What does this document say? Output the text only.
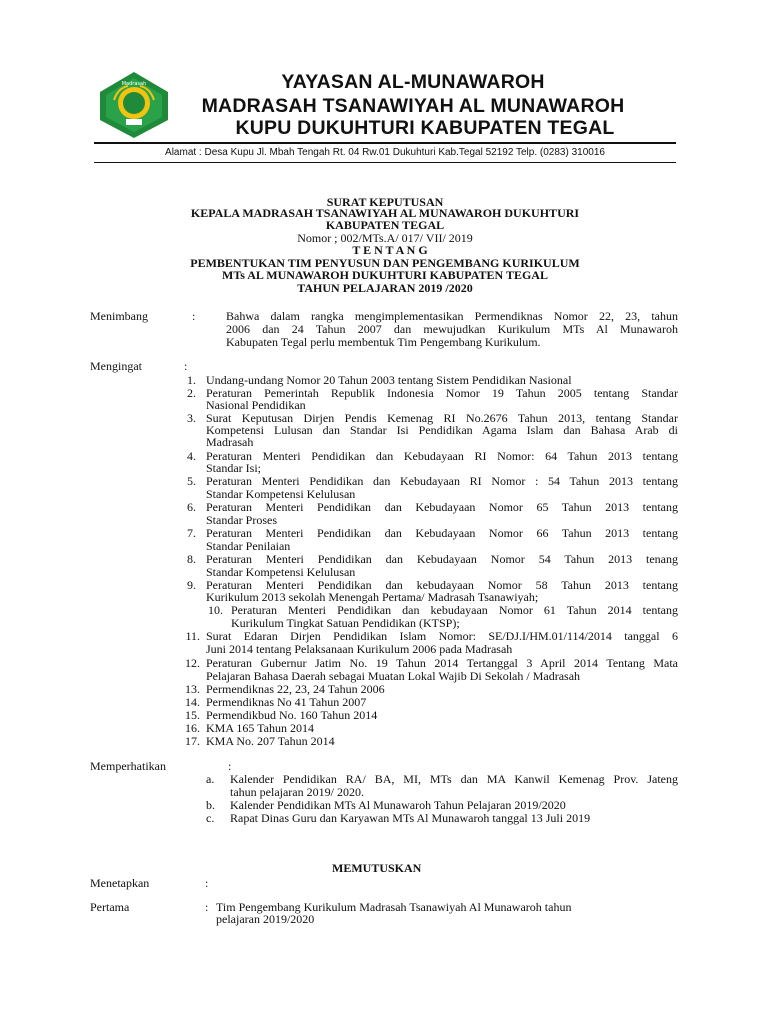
Madrasah	YAYASAN AL-MUNAWAROH
MADRASAH TSANAWIYAH AL MUNAWAROH
KUPU DUKUHTURI KABUPATEN TEGAL
Alamat : Desa Kupu Jl. Mbah Tengah Rt. 04 Rw.01 Dukuhturi Kab.Tegal 52192 Telp. (0283) 310016
SURAT KEPUTUSAN
KEPALA MADRASAH TSANAWIYAH AL MUNAWAROH DUKUHTURI
KABUPATEN TEGAL
Nomor ; 002/MTs.A/ 017/ VII/ 2019
T E N T A N G
PEMBENTUKAN TIM PENYUSUN DAN PENGEMBANG KURIKULUM
MTs AL MUNAWAROH DUKUHTURI KABUPATEN TEGAL
TAHUN PELAJARAN 2019 /2020
Menimbang	:	Bahwa dalam rangka mengimplementasikan Permendiknas Nomor 22, 23, tahun
2006 dan 24 Tahun 2007 dan mewujudkan Kurikulum MTs Al Munawaroh
Kabupaten Tegal perlu membentuk Tim Pengembang Kurikulum.
Mengingat	:
1. Undang-undang Nomor 20 Tahun 2003 tentang Sistem Pendidikan Nasional
2. Peraturan Pemerintah Republik Indonesia Nomor 19 Tahun 2005 tentang Standar
Nasional Pendidikan
3. Surat Keputusan Dirjen Pendis Kemenag RI No.2676 Tahun 2013, tentang Standar
Kompetensi Lulusan dan Standar Isi Pendidikan Agama Islam dan Bahasa Arab di
Madrasah
4. Peraturan Menteri Pendidikan dan Kebudayaan RI Nomor: 64 Tahun 2013 tentang
Standar Isi;
5. Peraturan Menteri Pendidikan dan Kebudayaan RI Nomor : 54 Tahun 2013 tentang
Standar Kompetensi Kelulusan
6. Peraturan Menteri Pendidikan dan Kebudayaan Nomor 65 Tahun 2013 tentang
Standar Proses
7. Peraturan Menteri Pendidikan dan Kebudayaan Nomor 66 Tahun 2013 tentang
Standar Penilaian
8. Peraturan Menteri Pendidikan dan Kebudayaan Nomor 54 Tahun 2013 tenang
Standar Kompetensi Kelulusan
9. Peraturan Menteri Pendidikan dan kebudayaan Nomor 58 Tahun 2013 tentang
Kurikulum 2013 sekolah Menengah Pertama/ Madrasah Tsanawiyah;
10. Peraturan Menteri Pendidikan dan kebudayaan Nomor 61 Tahun 2014 tentang
Kurikulum Tingkat Satuan Pendidikan (KTSP);
11. Surat Edaran Dirjen Pendidikan Islam Nomor: SE/DJ.I/HM.01/114/2014 tanggal 6
Juni 2014 tentang Pelaksanaan Kurikulum 2006 pada Madrasah
12. Peraturan Gubernur Jatim No. 19 Tahun 2014 Tertanggal 3 April 2014 Tentang Mata
Pelajaran Bahasa Daerah sebagai Muatan Lokal Wajib Di Sekolah / Madrasah
13. Permendiknas 22, 23, 24 Tahun 2006
14. Permendiknas No 41 Tahun 2007
15. Permendikbud No. 160 Tahun 2014
16. KMA 165 Tahun 2014
17. KMA No. 207 Tahun 2014
Memperhatikan	:
a. Kalender Pendidikan RA/ BA, MI, MTs dan MA Kanwil Kemenag Prov. Jateng
tahun pelajaran 2019/ 2020.
b. Kalender Pendidikan MTs Al Munawaroh Tahun Pelajaran 2019/2020
c. Rapat Dinas Guru dan Karyawan MTs Al Munawaroh tanggal 13 Juli 2019
MEMUTUSKAN
Menetapkan	:
Pertama	: Tim Pengembang Kurikulum Madrasah Tsanawiyah Al Munawaroh tahun
pelajaran 2019/2020
